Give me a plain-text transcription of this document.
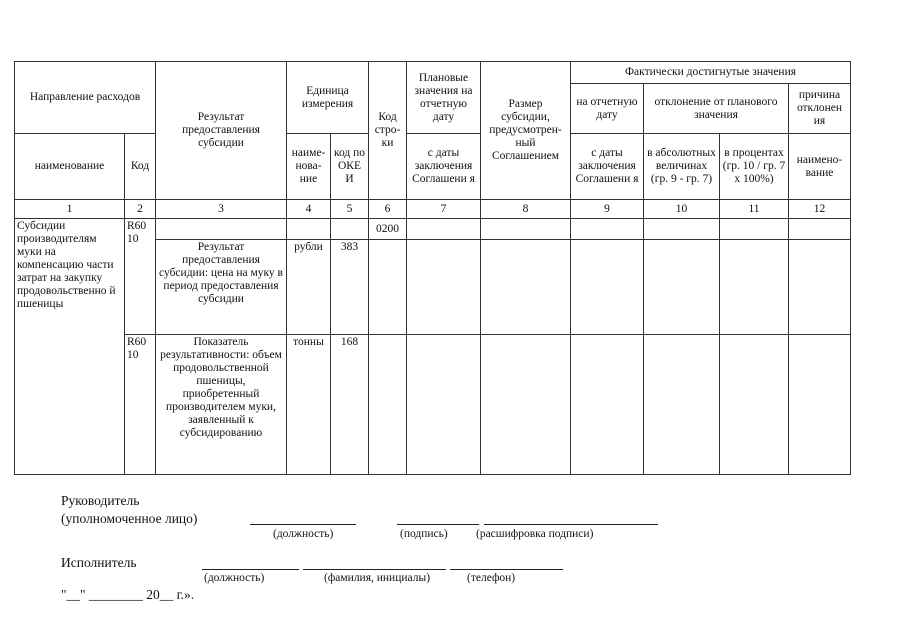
Направление расходов		Результат предоставления субсидии	Единица измерения		Код стро-ки	Плановые значения на отчетную дату	Размер субсидии, предусмотрен-ный Соглашением	Фактически достигнутые значения				
								на отчетную дату	отклонение от планового значения		причина отклонен ия	

наименование	Код		наиме-нова-ние	код по ОКЕ И		с даты заключения Соглашени я		с даты заключения Соглашени я	в абсолютных величинах (гр. 9 - гр. 7)	в процентах (гр. 10 / гр. 7 х 100%)	наимено-вание	
1	2	3	4	5	6	7	8	9	10	11	12	
Субсидии производителям муки на компенсацию части затрат на закупку продовольственно й пшеницы	R60 10				0200							
		Результат предоставления субсидии: цена на муку в период предоставления субсидии	рубли	383								
	R60 10	Показатель результативности: объем продовольственной пшеницы, приобретенный производителем муки, заявленный к субсидированию	тонны	168								
Руководитель
(уполномоченное лицо)
(должность)	(подпись) (расшифровка подписи)
Исполнитель
(должность)	(фамилия, инициалы)	(телефон)
"__" ________ 20__ г.».
